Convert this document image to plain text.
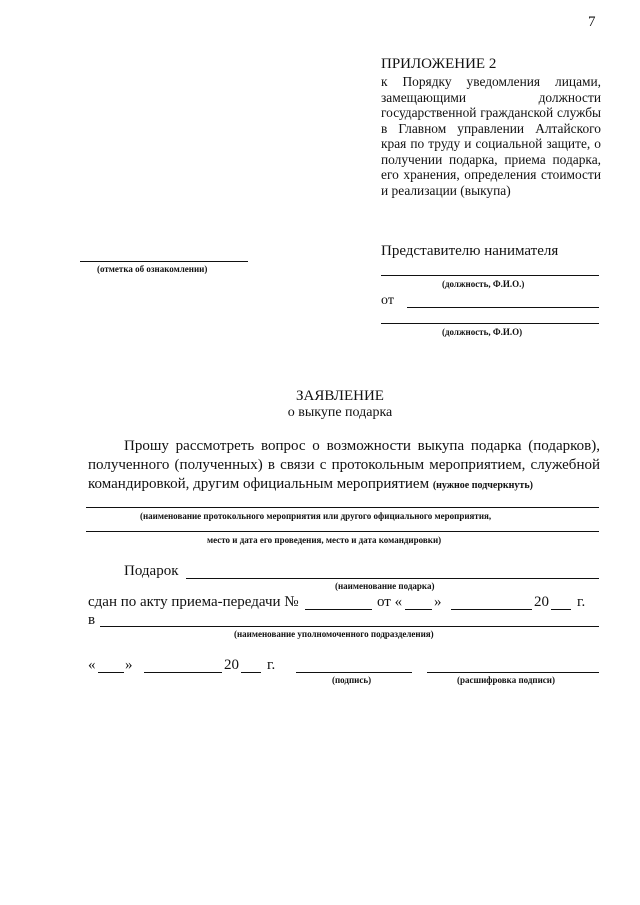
7
ПРИЛОЖЕНИЕ 2
к Порядку уведомления лицами, замещающими должности государственной гражданской службы в Главном управлении Алтайского края по труду и социальной защите, о получении подарка, приема подарка, его хранения, определения стоимости и реализации (выкупа)
(отметка об ознакомлении)
Представителю нанимателя
(должность, Ф.И.О.)
от
(должность, Ф.И.О)
ЗАЯВЛЕНИЕ
о выкупе подарка
Прошу рассмотреть вопрос о возможности выкупа подарка (подарков), полученного (полученных) в связи с протокольным мероприятием, служебной командировкой, другим официальным мероприятием (нужное подчеркнуть)
(наименование протокольного мероприятия или другого официального мероприятия,
место и дата его проведения, место и дата командировки)
Подарок
(наименование подарка)
сдан по акту приема-передачи №	от « »	20 г.
в
(наименование уполномоченного подразделения)
« »	20 г.
(подпись)	(расшифровка подписи)
